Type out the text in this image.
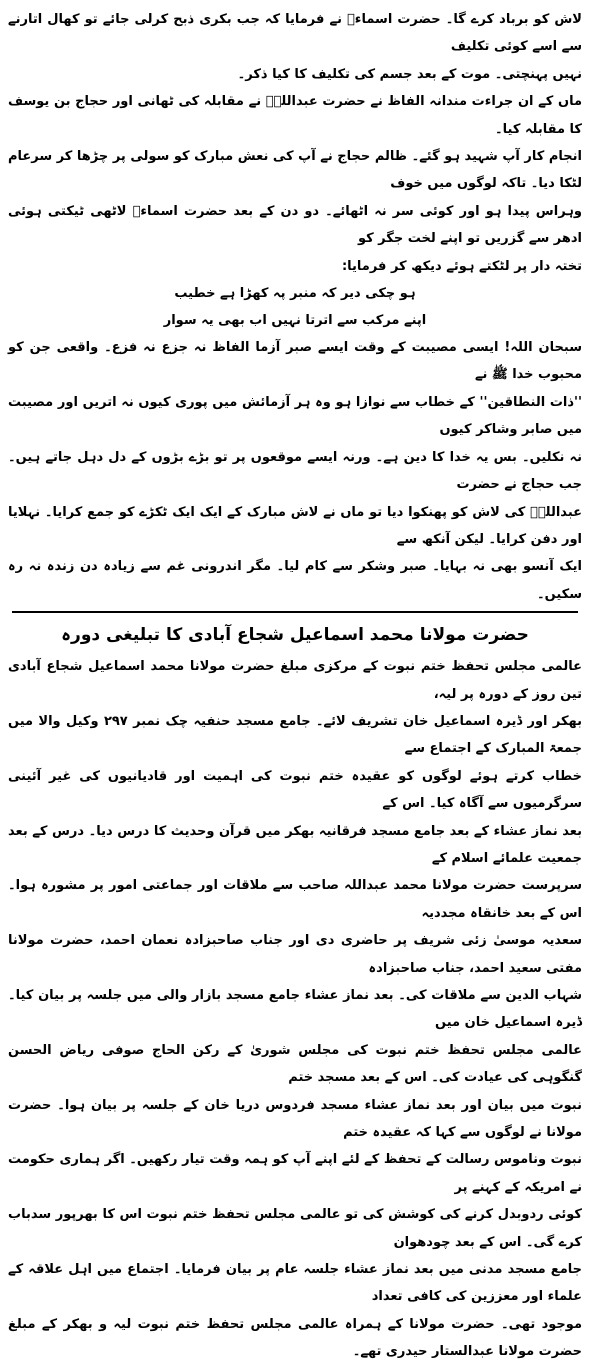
لاش کو برباد کرے گا۔ حضرت اسماءؓ نے فرمایا کہ جب بکری ذبح کرلی جائے تو کھال اتارنے سے اسے کوئی تکلیف
نہیں پہنچتی۔ موت کے بعد جسم کی تکلیف کا کیا ذکر۔

ماں کے ان جراءت مندانہ الفاظ نے حضرت عبداللہؓ نے مقابلہ کی ٹھانی اور حجاج بن یوسف کا مقابلہ کیا۔
انجام کار آپ شہید ہو گئے۔ ظالم حجاج نے آپ کی نعش مبارک کو سولی پر چڑھا کر سرعام لٹکا دیا۔ تاکہ لوگوں میں خوف
وہراس پیدا ہو اور کوئی سر نہ اٹھائے۔ دو دن کے بعد حضرت اسماءؓ لاٹھی ٹیکتی ہوئی ادھر سے گزریں تو اپنے لخت جگر کو
تختہ دار پر لٹکتے ہوئے دیکھ کر فرمایا:

ہو چکی دیر کہ منبر پہ کھڑا ہے خطیب
اپنے مرکب سے اترتا نہیں اب بھی یہ سوار

سبحان اللہ! ایسی مصیبت کے وقت ایسے صبر آزما الفاظ نہ جزع نہ فزع۔ واقعی جن کو محبوب خدا ﷺ نے
''ذات النطاقین'' کے خطاب سے نوازا ہو وہ ہر آزمائش میں پوری کیوں نہ اتریں اور مصیبت میں صابر وشاکر کیوں
نہ نکلیں۔ بس یہ خدا کا دین ہے۔ ورنہ ایسے موقعوں پر تو بڑے بڑوں کے دل دہل جاتے ہیں۔ جب حجاج نے حضرت
عبداللہؓ کی لاش کو پھنکوا دیا تو ماں نے لاش مبارک کے ایک ایک ٹکڑے کو جمع کرایا۔ نہلایا اور دفن کرایا۔ لیکن آنکھ سے
ایک آنسو بھی نہ بہایا۔ صبر وشکر سے کام لیا۔ مگر اندرونی غم سے زیادہ دن زندہ نہ رہ سکیں۔

حضرت مولانا محمد اسماعیل شجاع آبادی کا تبلیغی دورہ

عالمی مجلس تحفظ ختم نبوت کے مرکزی مبلغ حضرت مولانا محمد اسماعیل شجاع آبادی تین روز کے دورہ پر لیہ،
بھکر اور ڈیرہ اسماعیل خان تشریف لائے۔ جامع مسجد حنفیہ چک نمبر ۲۹۷ وکیل والا میں جمعۃ المبارک کے اجتماع سے
خطاب کرتے ہوئے لوگوں کو عقیدہ ختم نبوت کی اہمیت اور قادیانیوں کی غیر آئینی سرگرمیوں سے آگاہ کیا۔ اس کے
بعد نماز عشاء کے بعد جامع مسجد فرقانیہ بھکر میں قرآن وحدیث کا درس دیا۔ درس کے بعد جمعیت علمائے اسلام کے
سرپرست حضرت مولانا محمد عبداللہ صاحب سے ملاقات اور جماعتی امور پر مشورہ ہوا۔ اس کے بعد خانقاہ مجددیہ
سعدیہ موسیٰ زئی شریف پر حاضری دی اور جناب صاحبزادہ نعمان احمد، حضرت مولانا مفتی سعید احمد، جناب صاحبزادہ
شہاب الدین سے ملاقات کی۔ بعد نماز عشاء جامع مسجد بازار والی میں جلسہ پر بیان کیا۔ ڈیرہ اسماعیل خان میں
عالمی مجلس تحفظ ختم نبوت کی مجلس شوریٰ کے رکن الحاج صوفی ریاض الحسن گنگوہی کی عیادت کی۔ اس کے بعد مسجد ختم
نبوت میں بیان اور بعد نماز عشاء مسجد فردوس دریا خان کے جلسہ پر بیان ہوا۔ حضرت مولانا نے لوگوں سے کہا کہ عقیدہ ختم
نبوت وناموس رسالت کے تحفظ کے لئے اپنے آپ کو ہمہ وقت تیار رکھیں۔ اگر ہماری حکومت نے امریکہ کے کہنے پر
کوئی ردوبدل کرنے کی کوشش کی تو عالمی مجلس تحفظ ختم نبوت اس کا بھرپور سدباب کرے گی۔ اس کے بعد چودھوان
جامع مسجد مدنی میں بعد نماز عشاء جلسہ عام پر بیان فرمایا۔ اجتماع میں اہل علاقہ کے علماء اور معززین کی کافی تعداد
موجود تھی۔ حضرت مولانا کے ہمراہ عالمی مجلس تحفظ ختم نبوت لیہ و بھکر کے مبلغ حضرت مولانا عبدالستار حیدری تھے۔
